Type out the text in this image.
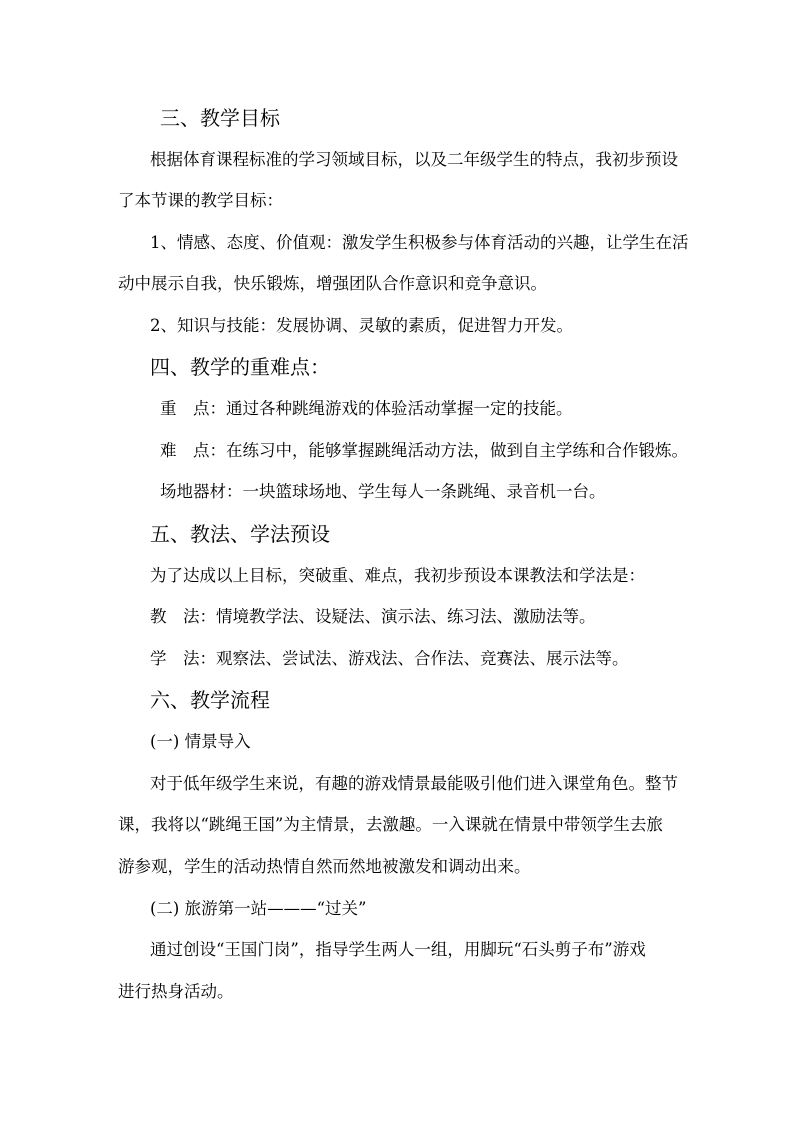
三、教学目标
根据体育课程标准的学习领域目标，以及二年级学生的特点，我初步预设
了本节课的教学目标：
1、情感、态度、价值观：激发学生积极参与体育活动的兴趣，让学生在活
动中展示自我，快乐锻炼，增强团队合作意识和竞争意识。
2、知识与技能：发展协调、灵敏的素质，促进智力开发。
四、教学的重难点：
重　点：通过各种跳绳游戏的体验活动掌握一定的技能。
难　点：在练习中，能够掌握跳绳活动方法，做到自主学练和合作锻炼。
场地器材：一块篮球场地、学生每人一条跳绳、录音机一台。
五、教法、学法预设
为了达成以上目标，突破重、难点，我初步预设本课教法和学法是：
教　法：情境教学法、设疑法、演示法、练习法、激励法等。
学　法：观察法、尝试法、游戏法、合作法、竞赛法、展示法等。
六、教学流程
(一) 情景导入
对于低年级学生来说，有趣的游戏情景最能吸引他们进入课堂角色。整节
课，我将以“跳绳王国”为主情景，去激趣。一入课就在情景中带领学生去旅
游参观，学生的活动热情自然而然地被激发和调动出来。
(二) 旅游第一站———“过关”
通过创设“王国门岗”，指导学生两人一组，用脚玩“石头剪子布”游戏
进行热身活动。
